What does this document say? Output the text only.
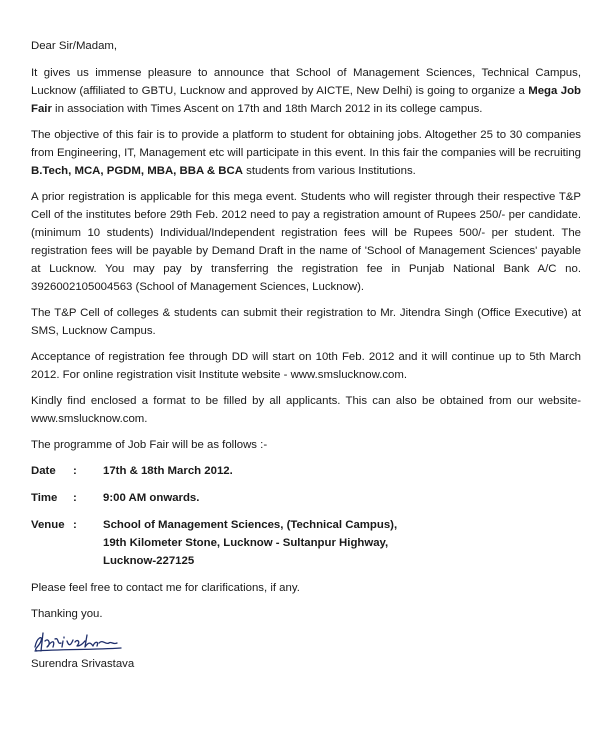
Dear Sir/Madam,

It gives us immense pleasure to announce that School of Management Sciences, Technical Campus, Lucknow (affiliated to GBTU, Lucknow and approved by AICTE, New Delhi) is going to organize a Mega Job Fair in association with Times Ascent on 17th and 18th March 2012 in its college campus.

The objective of this fair is to provide a platform to student for obtaining jobs. Altogether 25 to 30 companies from Engineering, IT, Management etc will participate in this event. In this fair the companies will be recruiting B.Tech, MCA, PGDM, MBA, BBA & BCA students from various Institutions.

A prior registration is applicable for this mega event. Students who will register through their respective T&P Cell of the institutes before 29th Feb. 2012 need to pay a registration amount of Rupees 250/- per candidate. (minimum 10 students) Individual/Independent registration fees will be Rupees 500/- per student. The registration fees will be payable by Demand Draft in the name of 'School of Management Sciences' payable at Lucknow. You may pay by transferring the registration fee in Punjab National Bank A/C no. 3926002105004563 (School of Management Sciences, Lucknow).

The T&P Cell of colleges & students can submit their registration to Mr. Jitendra Singh (Office Executive) at SMS, Lucknow Campus.

Acceptance of registration fee through DD will start on 10th Feb. 2012 and it will continue up to 5th March 2012. For online registration visit Institute website - www.smslucknow.com.

Kindly find enclosed a format to be filled by all applicants. This can also be obtained from our website- www.smslucknow.com.

The programme of Job Fair will be as follows :-

Date	:	17th & 18th March 2012.
Time	:	9:00 AM onwards.
Venue :	School of Management Sciences, (Technical Campus),
19th Kilometer Stone, Lucknow - Sultanpur Highway,
Lucknow-227125

Please feel free to contact me for clarifications, if any.

Thanking you.

Surendra Srivastava
